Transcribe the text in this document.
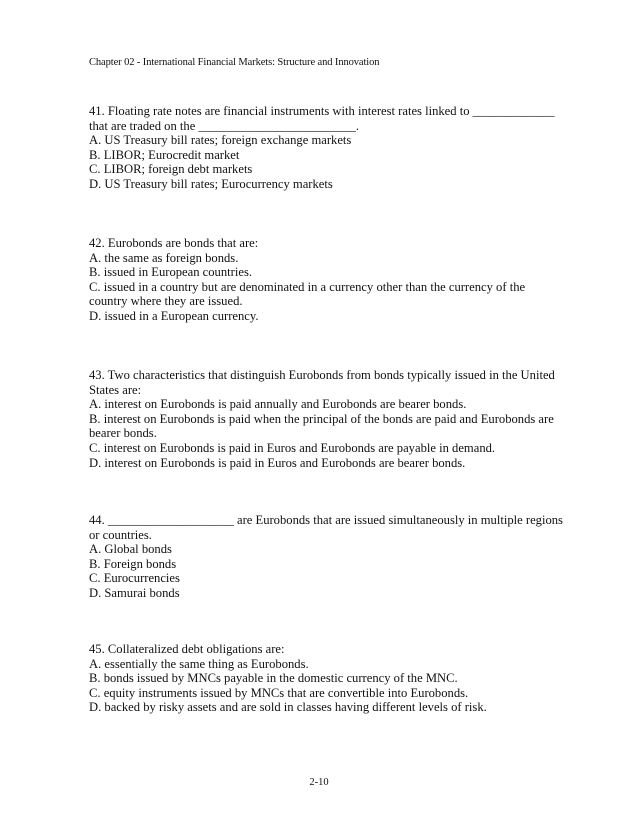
Chapter 02 - International Financial Markets: Structure and Innovation
41. Floating rate notes are financial instruments with interest rates linked to _____________
that are traded on the _________________________.
A. US Treasury bill rates; foreign exchange markets
B. LIBOR; Eurocredit market
C. LIBOR; foreign debt markets
D. US Treasury bill rates; Eurocurrency markets
42. Eurobonds are bonds that are:
A. the same as foreign bonds.
B. issued in European countries.
C. issued in a country but are denominated in a currency other than the currency of the
country where they are issued.
D. issued in a European currency.
43. Two characteristics that distinguish Eurobonds from bonds typically issued in the United
States are:
A. interest on Eurobonds is paid annually and Eurobonds are bearer bonds.
B. interest on Eurobonds is paid when the principal of the bonds are paid and Eurobonds are
bearer bonds.
C. interest on Eurobonds is paid in Euros and Eurobonds are payable in demand.
D. interest on Eurobonds is paid in Euros and Eurobonds are bearer bonds.
44. ____________________ are Eurobonds that are issued simultaneously in multiple regions
or countries.
A. Global bonds
B. Foreign bonds
C. Eurocurrencies
D. Samurai bonds
45. Collateralized debt obligations are:
A. essentially the same thing as Eurobonds.
B. bonds issued by MNCs payable in the domestic currency of the MNC.
C. equity instruments issued by MNCs that are convertible into Eurobonds.
D. backed by risky assets and are sold in classes having different levels of risk.
2-10
